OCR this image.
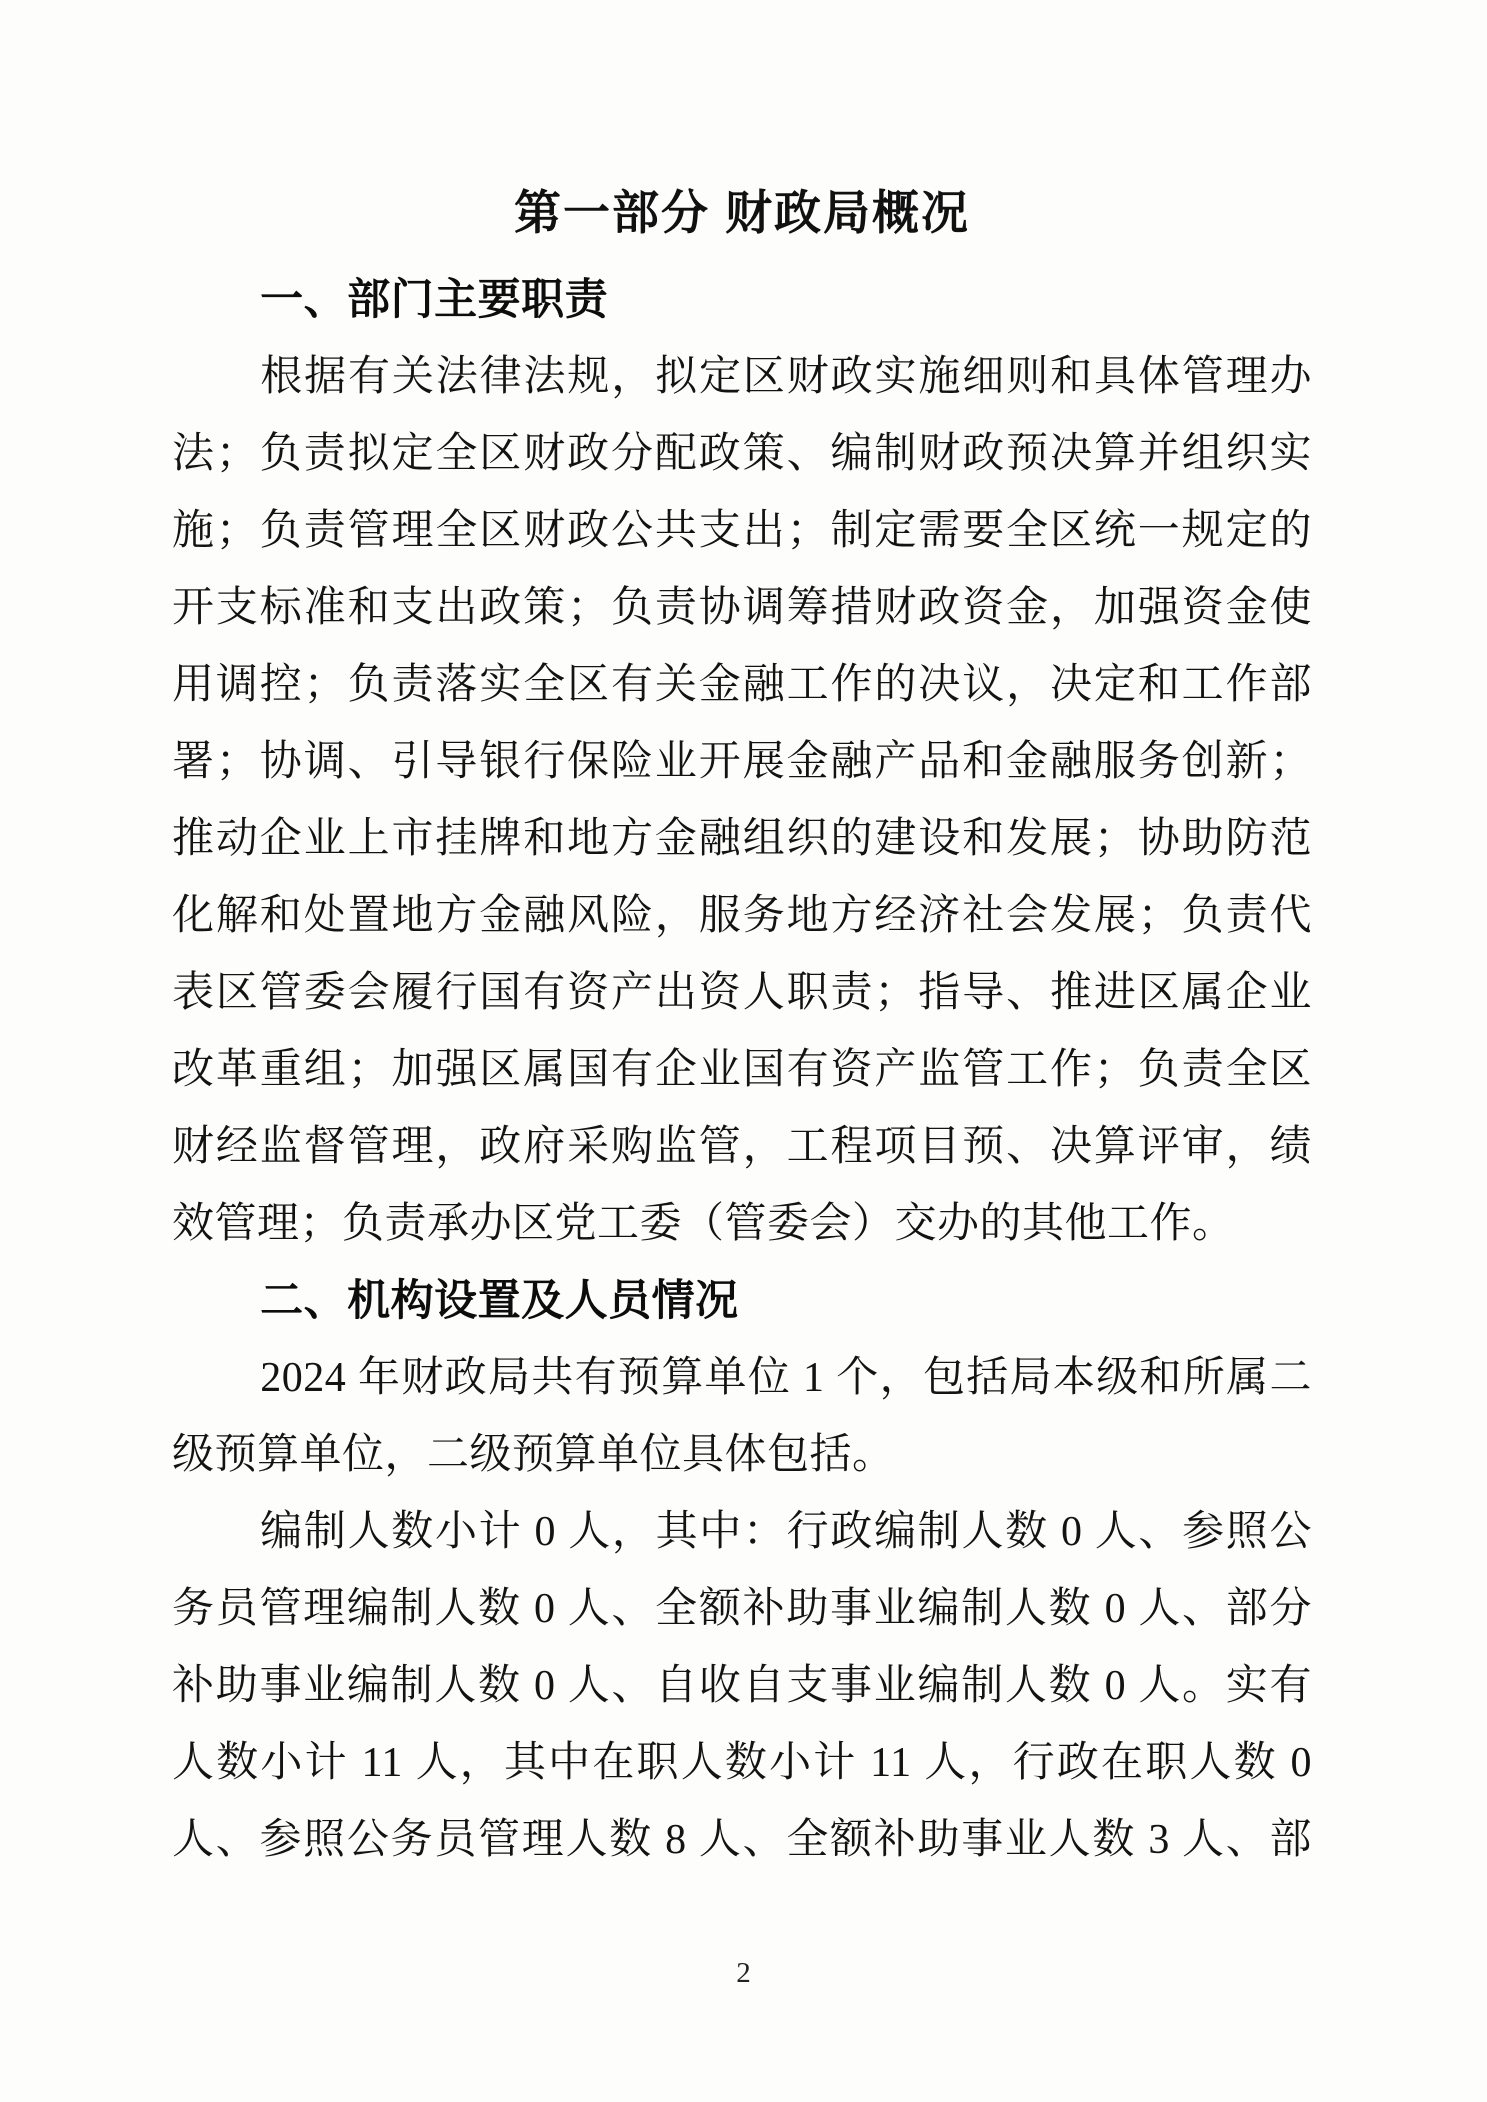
第一部分 财政局概况
一、部门主要职责
根据有关法律法规，拟定区财政实施细则和具体管理办
法；负责拟定全区财政分配政策、编制财政预决算并组织实
施；负责管理全区财政公共支出；制定需要全区统一规定的
开支标准和支出政策；负责协调筹措财政资金，加强资金使
用调控；负责落实全区有关金融工作的决议，决定和工作部
署；协调、引导银行保险业开展金融产品和金融服务创新；
推动企业上市挂牌和地方金融组织的建设和发展；协助防范
化解和处置地方金融风险，服务地方经济社会发展；负责代
表区管委会履行国有资产出资人职责；指导、推进区属企业
改革重组；加强区属国有企业国有资产监管工作；负责全区
财经监督管理，政府采购监管，工程项目预、决算评审，绩
效管理；负责承办区党工委（管委会）交办的其他工作。
二、机构设置及人员情况
2024 年财政局共有预算单位 1 个，包括局本级和所属二
级预算单位，二级预算单位具体包括。
编制人数小计 0 人，其中：行政编制人数 0 人、参照公
务员管理编制人数 0 人、全额补助事业编制人数 0 人、部分
补助事业编制人数 0 人、自收自支事业编制人数 0 人。实有
人数小计 11 人，其中在职人数小计 11 人，行政在职人数 0
人、参照公务员管理人数 8 人、全额补助事业人数 3 人、部
2
